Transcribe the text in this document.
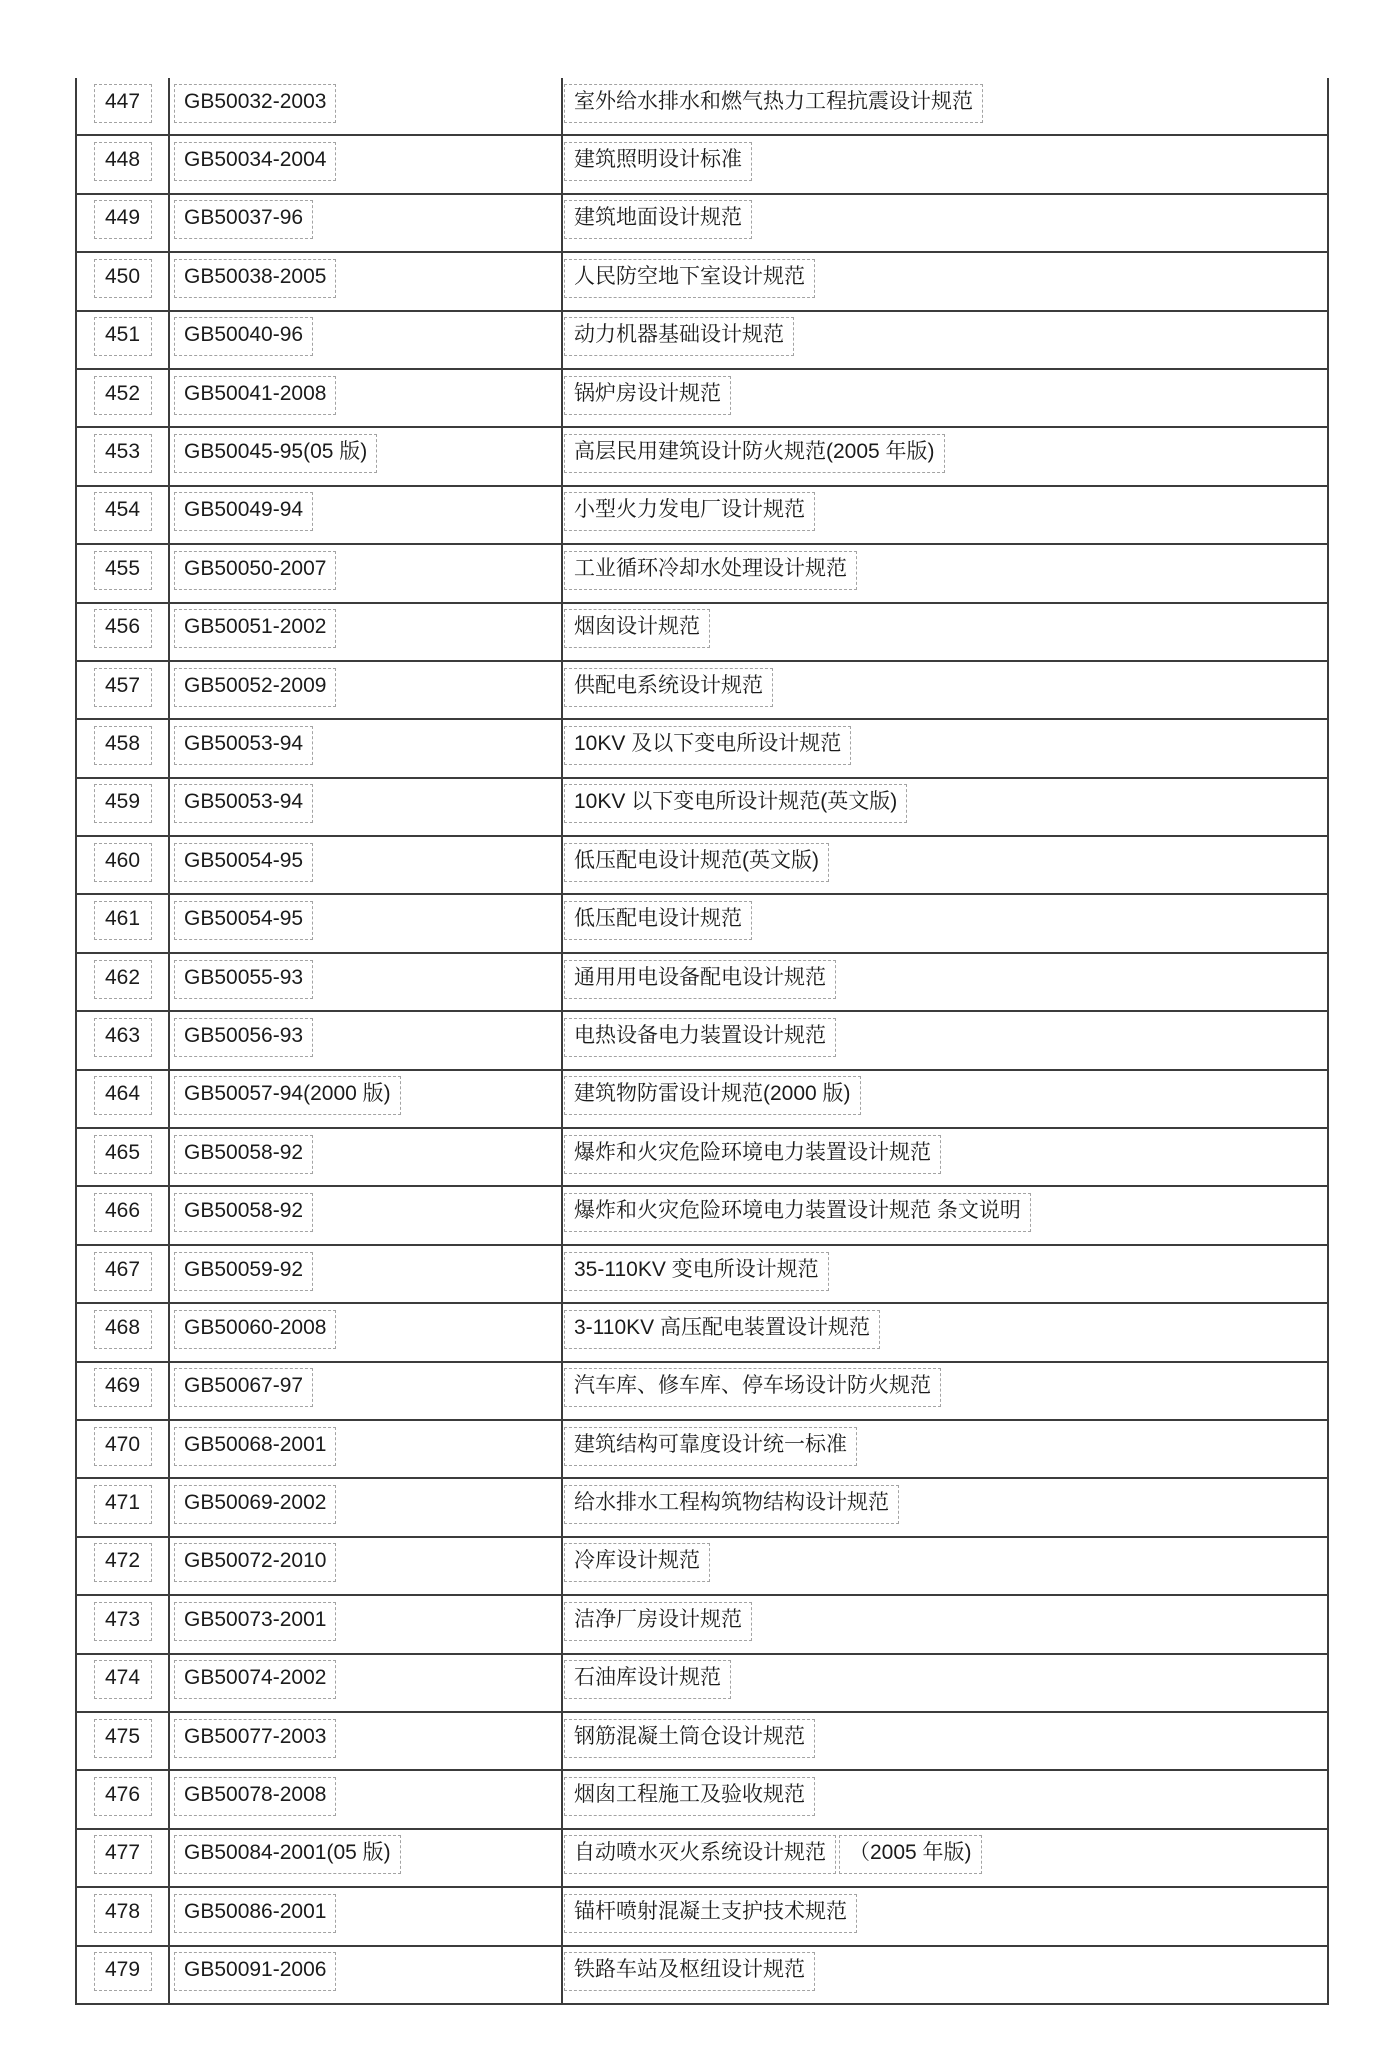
447	GB50032-2003	室外给水排水和燃气热力工程抗震设计规范
448	GB50034-2004	建筑照明设计标准
449	GB50037-96	建筑地面设计规范
450	GB50038-2005	人民防空地下室设计规范
451	GB50040-96	动力机器基础设计规范
452	GB50041-2008	锅炉房设计规范
453	GB50045-95(05 版)	高层民用建筑设计防火规范(2005 年版)
454	GB50049-94	小型火力发电厂设计规范
455	GB50050-2007	工业循环冷却水处理设计规范
456	GB50051-2002	烟囱设计规范
457	GB50052-2009	供配电系统设计规范
458	GB50053-94	10KV 及以下变电所设计规范
459	GB50053-94	10KV 以下变电所设计规范(英文版)
460	GB50054-95	低压配电设计规范(英文版)
461	GB50054-95	低压配电设计规范
462	GB50055-93	通用用电设备配电设计规范
463	GB50056-93	电热设备电力装置设计规范
464	GB50057-94(2000 版)	建筑物防雷设计规范(2000 版)
465	GB50058-92	爆炸和火灾危险环境电力装置设计规范
466	GB50058-92	爆炸和火灾危险环境电力装置设计规范 条文说明
467	GB50059-92	35-110KV 变电所设计规范
468	GB50060-2008	3-110KV 高压配电装置设计规范
469	GB50067-97	汽车库、修车库、停车场设计防火规范
470	GB50068-2001	建筑结构可靠度设计统一标准
471	GB50069-2002	给水排水工程构筑物结构设计规范
472	GB50072-2010	冷库设计规范
473	GB50073-2001	洁净厂房设计规范
474	GB50074-2002	石油库设计规范
475	GB50077-2003	钢筋混凝土筒仓设计规范
476	GB50078-2008	烟囱工程施工及验收规范
477	GB50084-2001(05 版)	自动喷水灭火系统设计规范	（2005 年版)
478	GB50086-2001	锚杆喷射混凝土支护技术规范
479	GB50091-2006	铁路车站及枢纽设计规范
